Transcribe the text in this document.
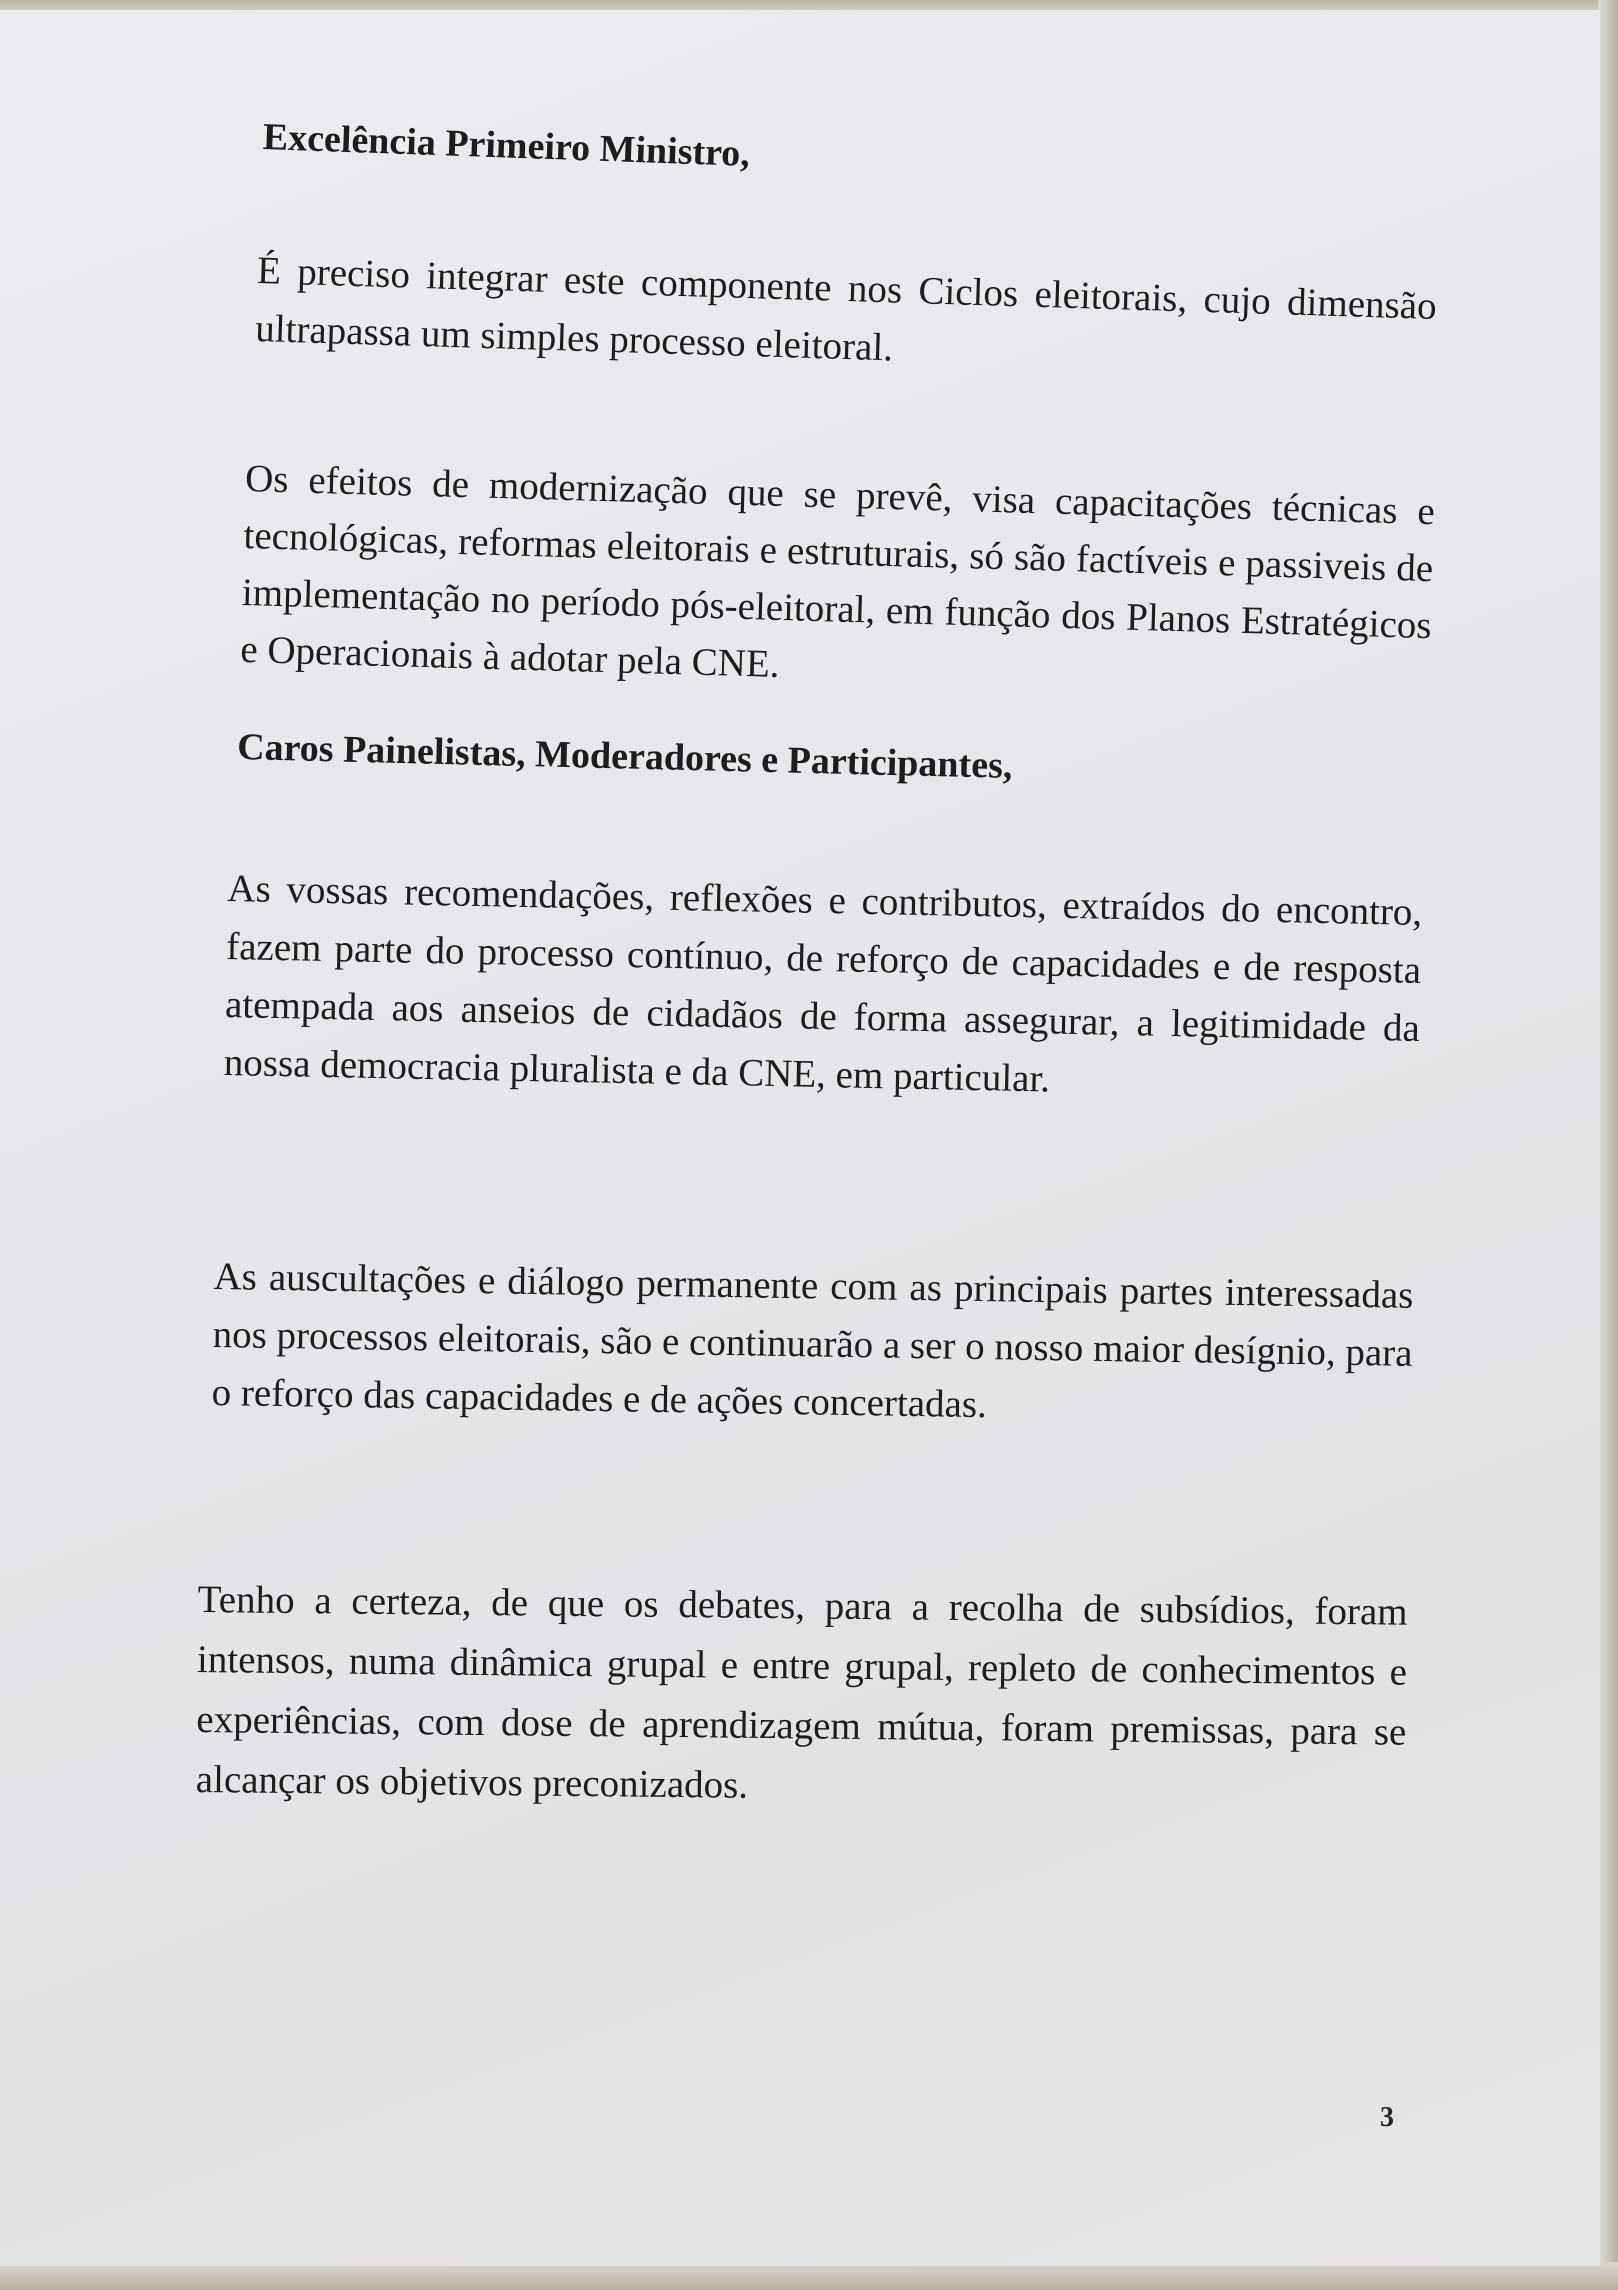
Excelência Primeiro Ministro,

É preciso integrar este componente nos Ciclos eleitorais, cujo dimensão ultrapassa um simples processo eleitoral.

Os efeitos de modernização que se prevê, visa capacitações técnicas e tecnológicas, reformas eleitorais e estruturais, só são factíveis e passiveis de implementação no período pós-eleitoral, em função dos Planos Estratégicos e Operacionais à adotar pela CNE.

Caros Painelistas, Moderadores e Participantes,

As vossas recomendações, reflexões e contributos, extraídos do encontro, fazem parte do processo contínuo, de reforço de capacidades e de resposta atempada aos anseios de cidadãos de forma assegurar, a legitimidade da nossa democracia pluralista e da CNE, em particular.

As auscultações e diálogo permanente com as principais partes interessadas nos processos eleitorais, são e continuarão a ser o nosso maior desígnio, para o reforço das capacidades e de ações concertadas.

Tenho a certeza, de que os debates, para a recolha de subsídios, foram intensos, numa dinâmica grupal e entre grupal, repleto de conhecimentos e experiências, com dose de aprendizagem mútua, foram premissas, para se alcançar os objetivos preconizados.

3
